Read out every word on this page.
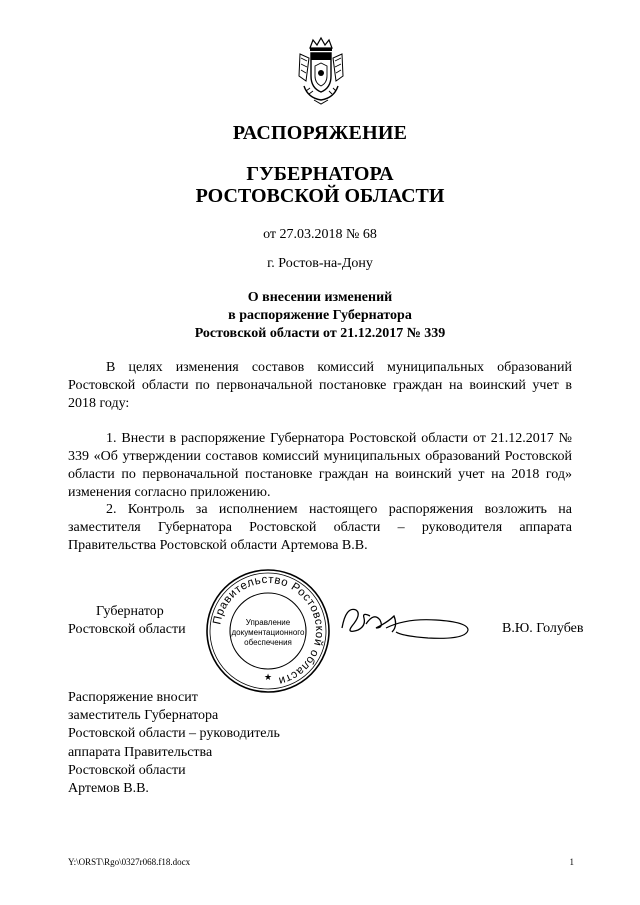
РАСПОРЯЖЕНИЕ
ГУБЕРНАТОРА
РОСТОВСКОЙ ОБЛАСТИ
от 27.03.2018 № 68
г. Ростов-на-Дону
О внесении изменений
в распоряжение Губернатора
Ростовской области от 21.12.2017 № 339
В целях изменения составов комиссий муниципальных образований Ростовской области по первоначальной постановке граждан на воинский учет в 2018 году:
1. Внести в распоряжение Губернатора Ростовской области от 21.12.2017 № 339 «Об утверждении составов комиссий муниципальных образований Ростовской области по первоначальной постановке граждан на воинский учет на 2018 год» изменения согласно приложению.
2. Контроль за исполнением настоящего распоряжения возложить на заместителя Губернатора Ростовской области – руководителя аппарата Правительства Ростовской области Артемова В.В.
Губернатор
Ростовской области
Правительство Ростовской области
Управление
документационного
обеспечения
★
В.Ю. Голубев
Распоряжение вносит
заместитель Губернатора
Ростовской области – руководитель
аппарата Правительства
Ростовской области
Артемов В.В.
Y:\ORST\Rgo\0327r068.f18.docx	1
